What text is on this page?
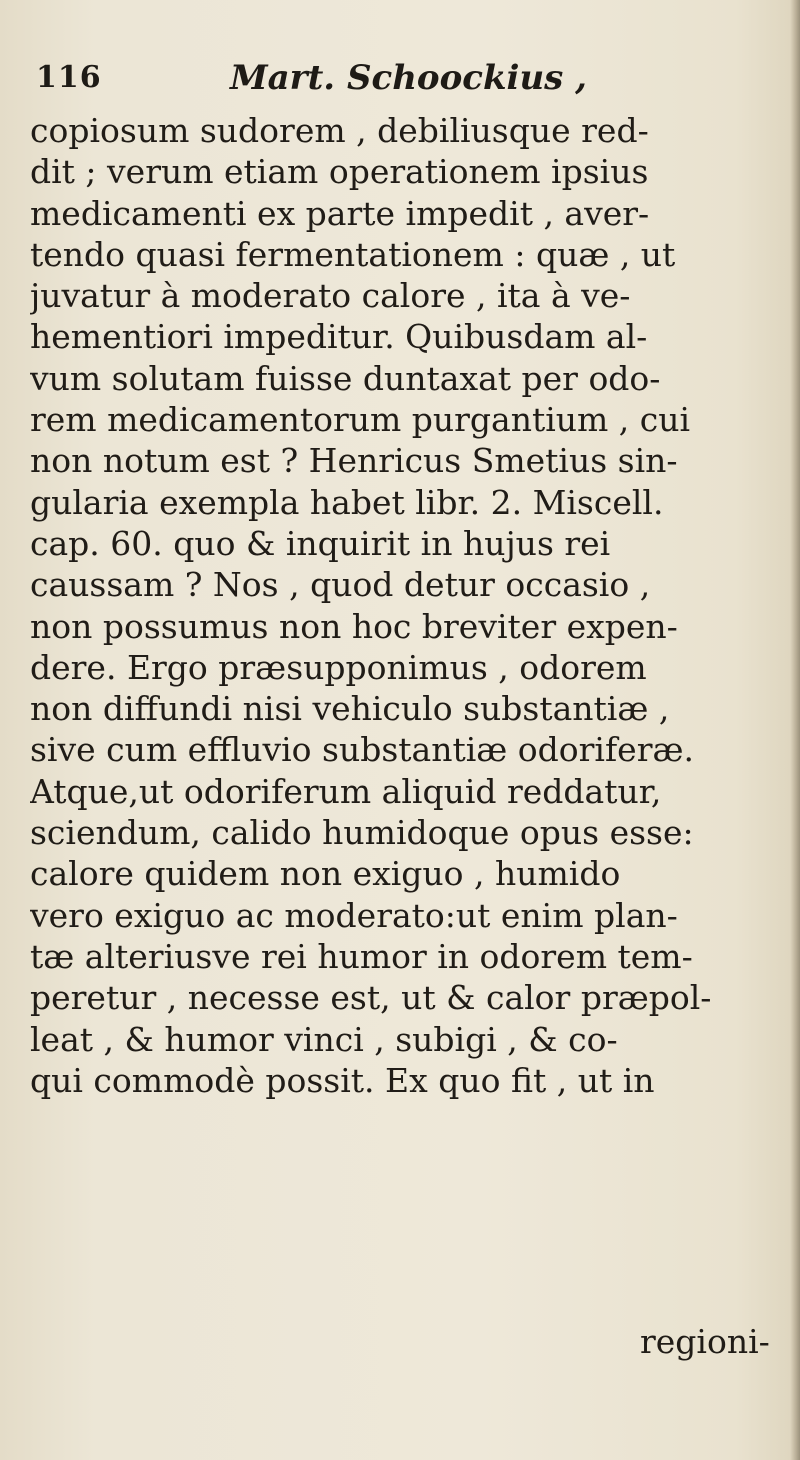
116	Mart. Schoockius ,
copiosum sudorem , debiliusque red-
dit ; verum etiam operationem ipsius
medicamenti ex parte impedit , aver-
tendo quasi fermentationem : quæ , ut
juvatur à moderato calore , ita à ve-
hementiori impeditur. Quibusdam al-
vum solutam fuisse duntaxat per odo-
rem medicamentorum purgantium , cui
non notum est ? Henricus Smetius sin-
gularia exempla habet libr. 2. Miscell.
cap. 60. quo & inquirit in hujus rei
caussam ? Nos , quod detur occasio ,
non possumus non hoc breviter expen-
dere. Ergo præsupponimus , odorem
non diffundi nisi vehiculo substantiæ ,
sive cum effluvio substantiæ odoriferæ.
Atque,ut odoriferum aliquid reddatur,
sciendum, calido humidoque opus esse:
calore quidem non exiguo , humido
vero exiguo ac moderato:ut enim plan-
tæ alteriusve rei humor in odorem tem-
peretur , necesse est, ut & calor præpol-
leat , & humor vinci , subigi , & co-
qui commodè possit. Ex quo fit , ut in
regioni-
